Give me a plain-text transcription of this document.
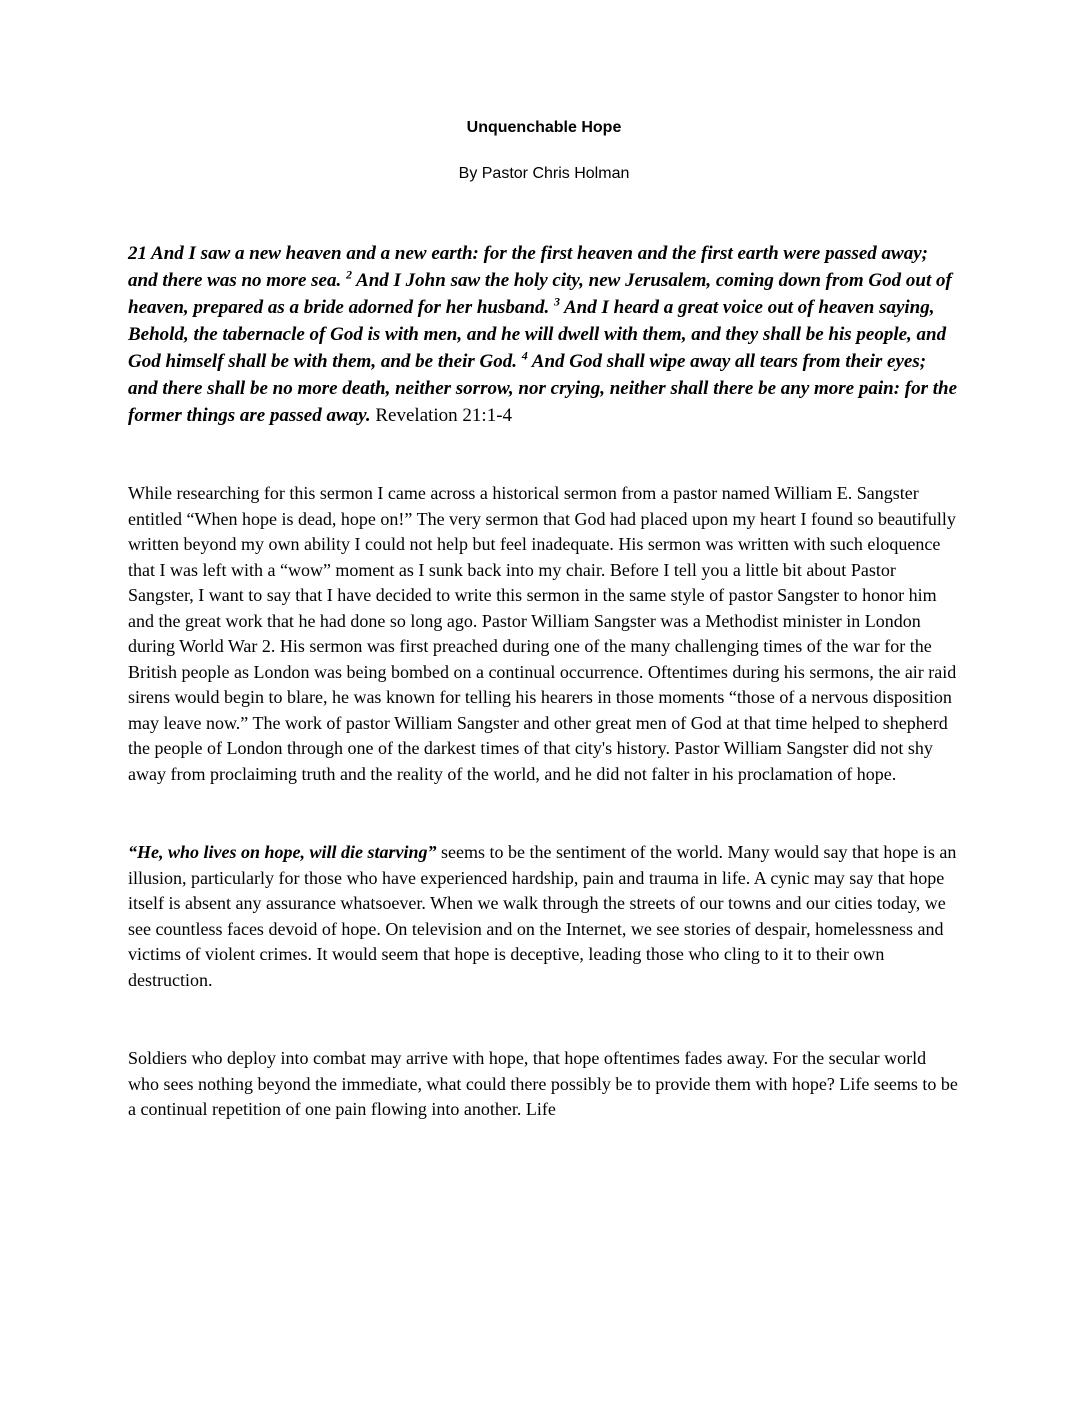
Unquenchable Hope

By Pastor Chris Holman

21 And I saw a new heaven and a new earth: for the first heaven and the first earth were passed away; and there was no more sea. $^2$ And I John saw the holy city, new Jerusalem, coming down from God out of heaven, prepared as a bride adorned for her husband. $^3$ And I heard a great voice out of heaven saying, Behold, the tabernacle of God is with men, and he will dwell with them, and they shall be his people, and God himself shall be with them, and be their God. $^4$ And God shall wipe away all tears from their eyes; and there shall be no more death, neither sorrow, nor crying, neither shall there be any more pain: for the former things are passed away. Revelation 21:1-4

While researching for this sermon I came across a historical sermon from a pastor named William E. Sangster entitled “When hope is dead, hope on!” The very sermon that God had placed upon my heart I found so beautifully written beyond my own ability I could not help but feel inadequate. His sermon was written with such eloquence that I was left with a “wow” moment as I sunk back into my chair. Before I tell you a little bit about Pastor Sangster, I want to say that I have decided to write this sermon in the same style of pastor Sangster to honor him and the great work that he had done so long ago. Pastor William Sangster was a Methodist minister in London during World War 2. His sermon was first preached during one of the many challenging times of the war for the British people as London was being bombed on a continual occurrence. Oftentimes during his sermons, the air raid sirens would begin to blare, he was known for telling his hearers in those moments “those of a nervous disposition may leave now.” The work of pastor William Sangster and other great men of God at that time helped to shepherd the people of London through one of the darkest times of that city's history. Pastor William Sangster did not shy away from proclaiming truth and the reality of the world, and he did not falter in his proclamation of hope.

“He, who lives on hope, will die starving” seems to be the sentiment of the world. Many would say that hope is an illusion, particularly for those who have experienced hardship, pain and trauma in life. A cynic may say that hope itself is absent any assurance whatsoever. When we walk through the streets of our towns and our cities today, we see countless faces devoid of hope. On television and on the Internet, we see stories of despair, homelessness and victims of violent crimes. It would seem that hope is deceptive, leading those who cling to it to their own destruction.

Soldiers who deploy into combat may arrive with hope, that hope oftentimes fades away. For the secular world who sees nothing beyond the immediate, what could there possibly be to provide them with hope? Life seems to be a continual repetition of one pain flowing into another. Life
